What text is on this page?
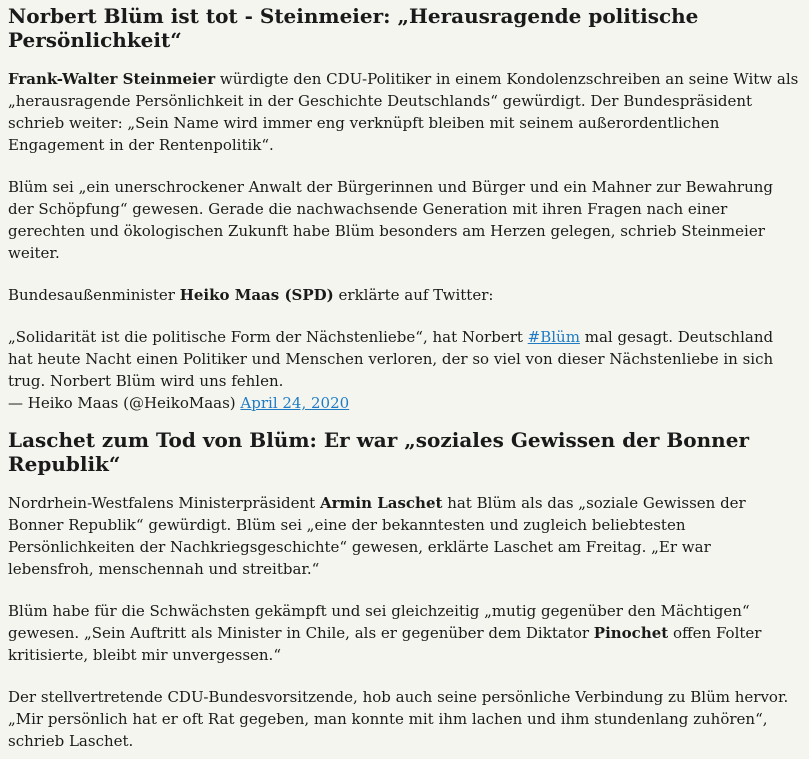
Norbert Blüm ist tot - Steinmeier: „Herausragende politische Persönlichkeit“

Frank-Walter Steinmeier würdigte den CDU-Politiker in einem Kondolenzschreiben an seine Witw als „herausragende Persönlichkeit in der Geschichte Deutschlands“ gewürdigt. Der Bundespräsident schrieb weiter: „Sein Name wird immer eng verknüpft bleiben mit seinem außerordentlichen Engagement in der Rentenpolitik“.

Blüm sei „ein unerschrockener Anwalt der Bürgerinnen und Bürger und ein Mahner zur Bewahrung der Schöpfung“ gewesen. Gerade die nachwachsende Generation mit ihren Fragen nach einer gerechten und ökologischen Zukunft habe Blüm besonders am Herzen gelegen, schrieb Steinmeier weiter.

Bundesaußenminister Heiko Maas (SPD) erklärte auf Twitter:

„Solidarität ist die politische Form der Nächstenliebe“, hat Norbert #Blüm mal gesagt. Deutschland hat heute Nacht einen Politiker und Menschen verloren, der so viel von dieser Nächstenliebe in sich trug. Norbert Blüm wird uns fehlen.

— Heiko Maas (@HeikoMaas) April 24, 2020

Laschet zum Tod von Blüm: Er war „soziales Gewissen der Bonner Republik“

Nordrhein-Westfalens Ministerpräsident Armin Laschet hat Blüm als das „soziale Gewissen der Bonner Republik“ gewürdigt. Blüm sei „eine der bekanntesten und zugleich beliebtesten Persönlichkeiten der Nachkriegsgeschichte“ gewesen, erklärte Laschet am Freitag. „Er war lebensfroh, menschennah und streitbar.“

Blüm habe für die Schwächsten gekämpft und sei gleichzeitig „mutig gegenüber den Mächtigen“ gewesen. „Sein Auftritt als Minister in Chile, als er gegenüber dem Diktator Pinochet offen Folter kritisierte, bleibt mir unvergessen.“

Der stellvertretende CDU-Bundesvorsitzende, hob auch seine persönliche Verbindung zu Blüm hervor. „Mir persönlich hat er oft Rat gegeben, man konnte mit ihm lachen und ihm stundenlang zuhören“, schrieb Laschet.
